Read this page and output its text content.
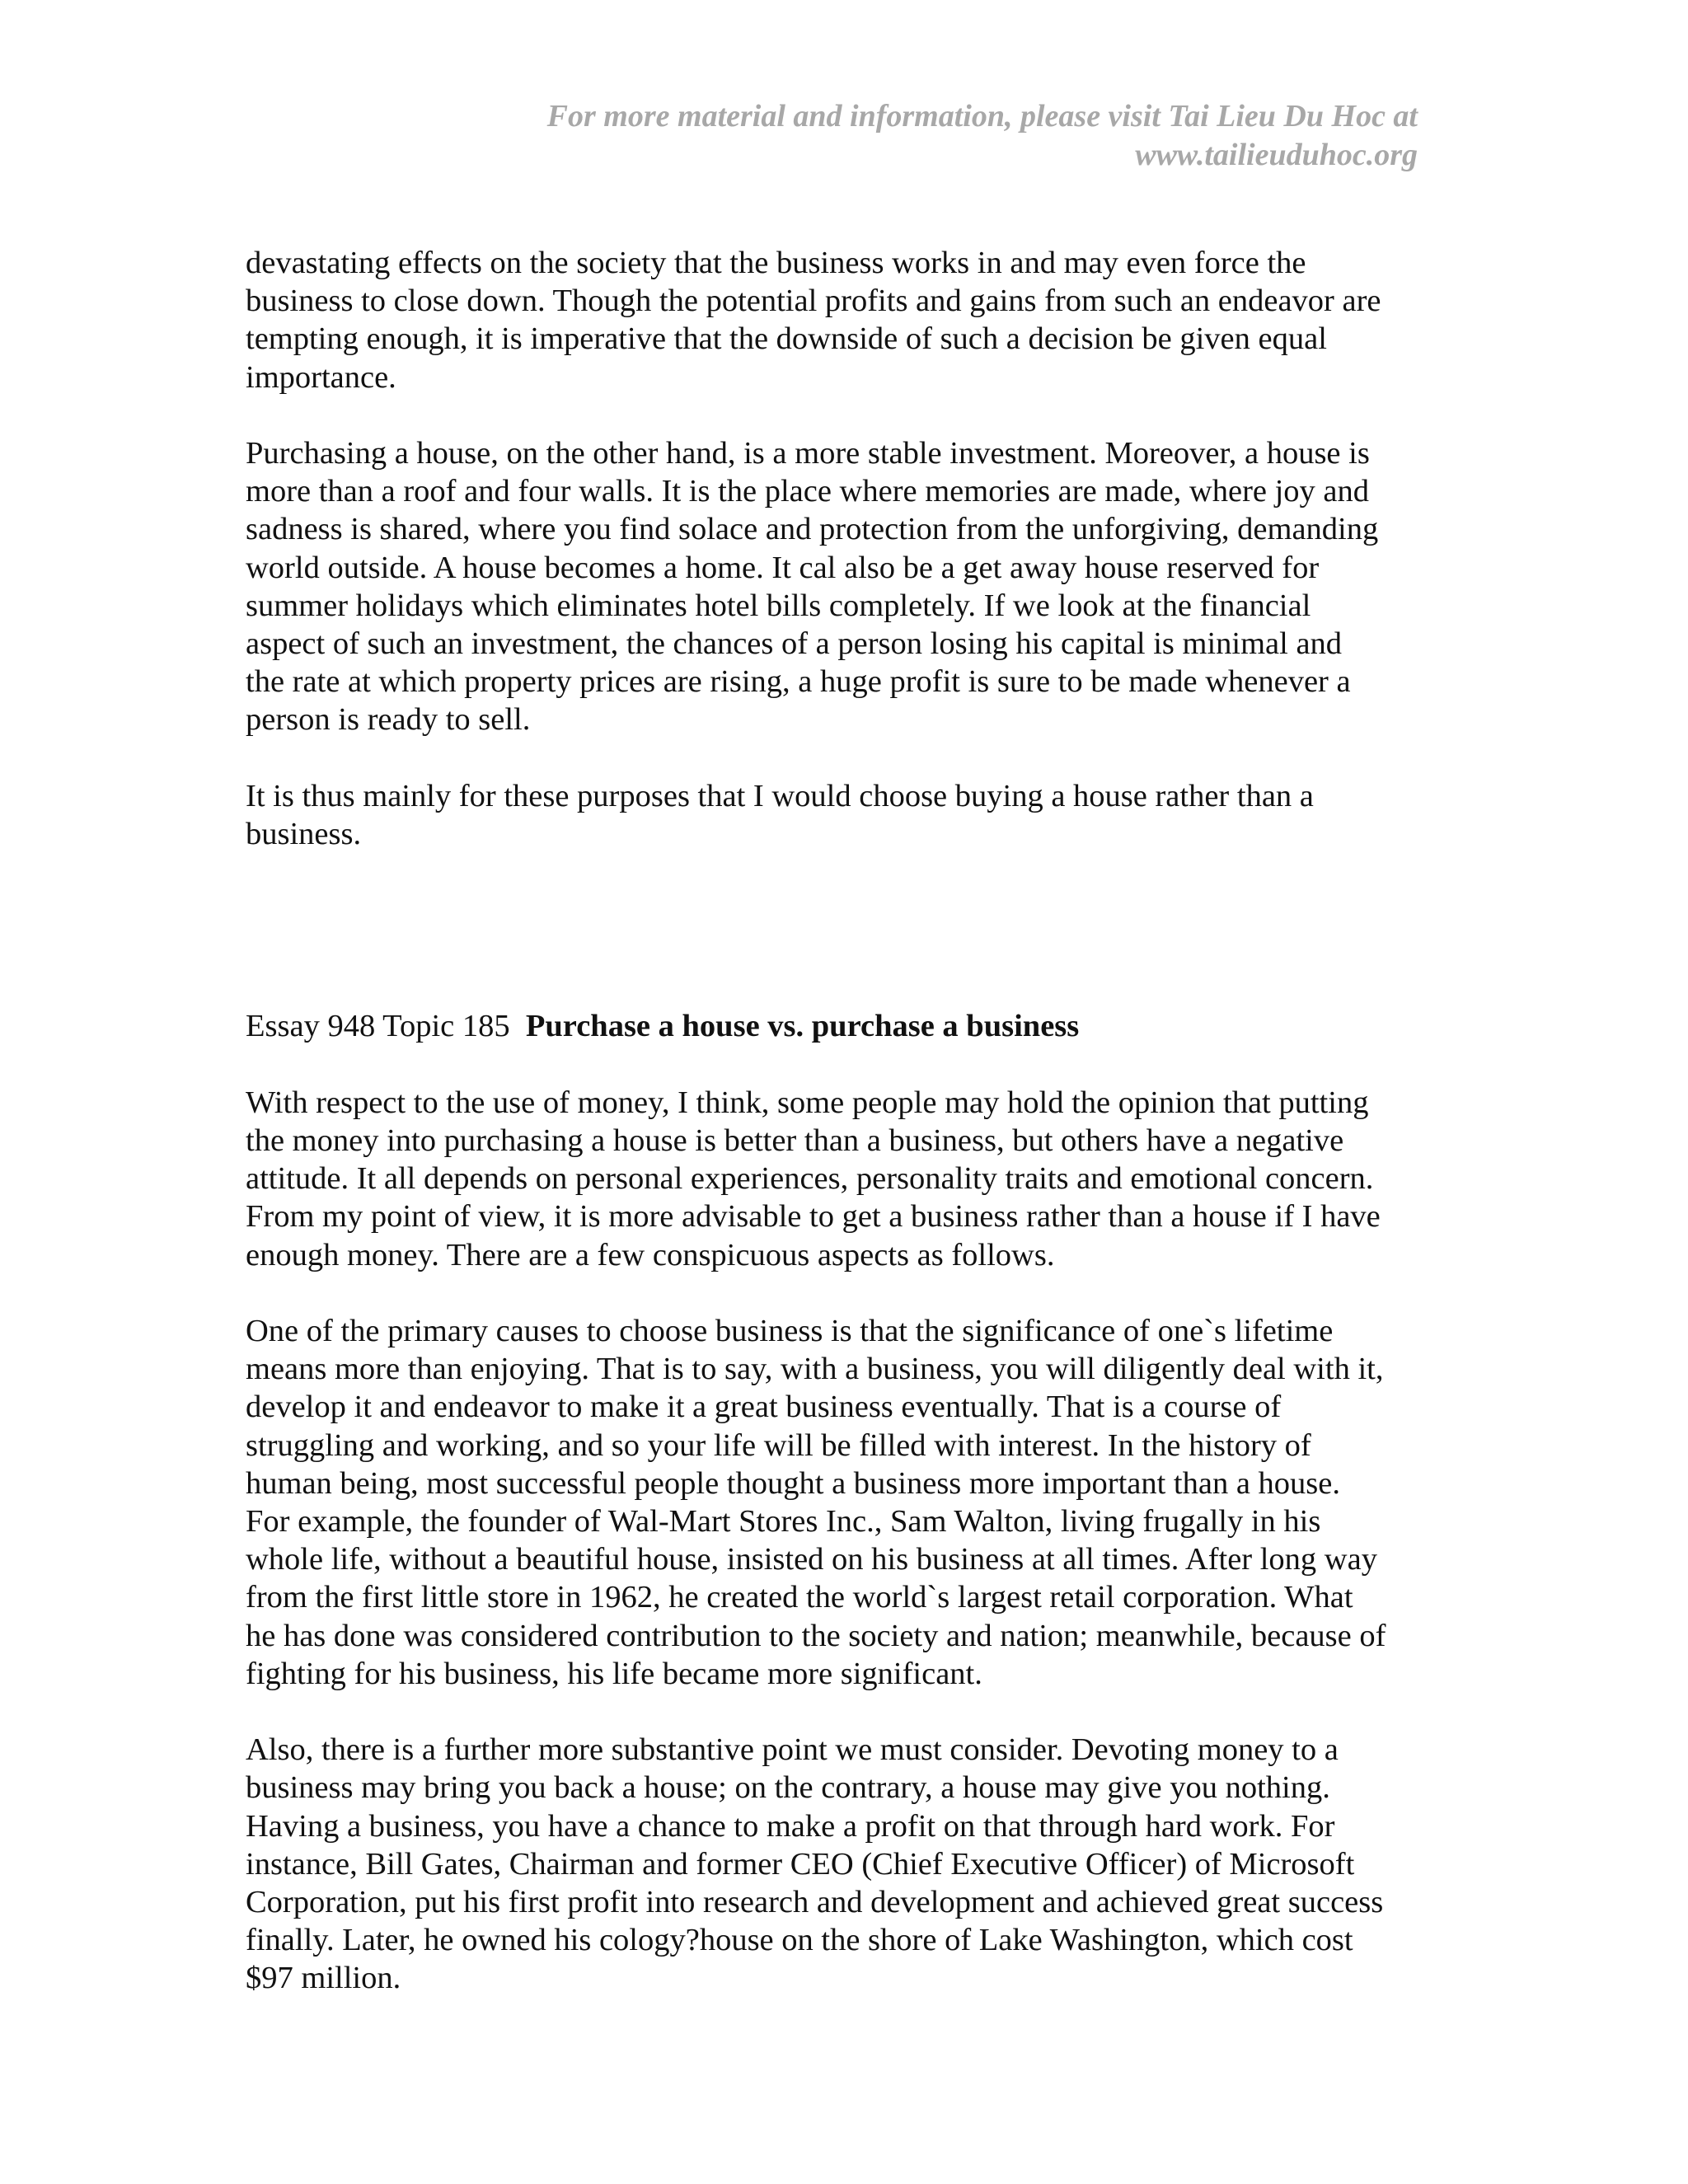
For more material and information, please visit Tai Lieu Du Hoc at
www.tailieuduhoc.org
devastating effects on the society that the business works in and may even force the
business to close down. Though the potential profits and gains from such an endeavor are
tempting enough, it is imperative that the downside of such a decision be given equal
importance.
Purchasing a house, on the other hand, is a more stable investment. Moreover, a house is
more than a roof and four walls. It is the place where memories are made, where joy and
sadness is shared, where you find solace and protection from the unforgiving, demanding
world outside. A house becomes a home. It cal also be a get away house reserved for
summer holidays which eliminates hotel bills completely. If we look at the financial
aspect of such an investment, the chances of a person losing his capital is minimal and
the rate at which property prices are rising, a huge profit is sure to be made whenever a
person is ready to sell.
It is thus mainly for these purposes that I would choose buying a house rather than a
business.
Essay 948 Topic 185 Purchase a house vs. purchase a business
With respect to the use of money, I think, some people may hold the opinion that putting
the money into purchasing a house is better than a business, but others have a negative
attitude. It all depends on personal experiences, personality traits and emotional concern.
From my point of view, it is more advisable to get a business rather than a house if I have
enough money. There are a few conspicuous aspects as follows.
One of the primary causes to choose business is that the significance of one`s lifetime
means more than enjoying. That is to say, with a business, you will diligently deal with it,
develop it and endeavor to make it a great business eventually. That is a course of
struggling and working, and so your life will be filled with interest. In the history of
human being, most successful people thought a business more important than a house.
For example, the founder of Wal-Mart Stores Inc., Sam Walton, living frugally in his
whole life, without a beautiful house, insisted on his business at all times. After long way
from the first little store in 1962, he created the world`s largest retail corporation. What
he has done was considered contribution to the society and nation; meanwhile, because of
fighting for his business, his life became more significant.
Also, there is a further more substantive point we must consider. Devoting money to a
business may bring you back a house; on the contrary, a house may give you nothing.
Having a business, you have a chance to make a profit on that through hard work. For
instance, Bill Gates, Chairman and former CEO (Chief Executive Officer) of Microsoft
Corporation, put his first profit into research and development and achieved great success
finally. Later, he owned his cology?house on the shore of Lake Washington, which cost
$97 million.
